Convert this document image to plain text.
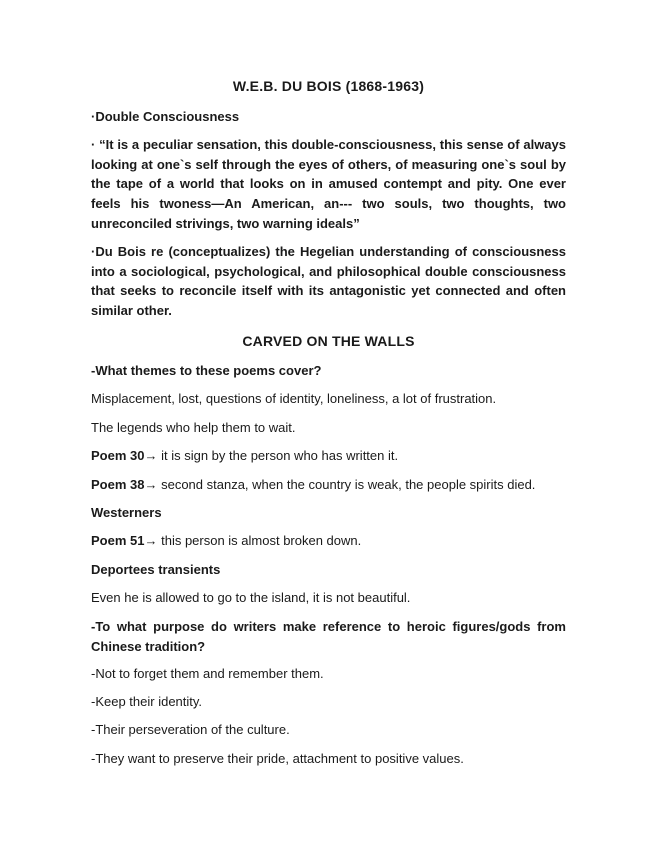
W.E.B. DU BOIS (1868-1963)
·Double Consciousness
· “It is a peculiar sensation, this double-consciousness, this sense of always looking at one`s self through the eyes of others, of measuring one`s soul by the tape of a world that looks on in amused contempt and pity. One ever feels his twoness—An American, an--- two souls, two thoughts, two unreconciled strivings, two warning ideals”
·Du Bois re (conceptualizes) the Hegelian understanding of consciousness into a sociological, psychological, and philosophical double consciousness that seeks to reconcile itself with its antagonistic yet connected and often similar other.
CARVED ON THE WALLS
-What themes to these poems cover?
Misplacement, lost, questions of identity, loneliness, a lot of frustration.
The legends who help them to wait.
Poem 30→ it is sign by the person who has written it.
Poem 38→ second stanza, when the country is weak, the people spirits died.
Westerners
Poem 51→ this person is almost broken down.
Deportees transients
Even he is allowed to go to the island, it is not beautiful.
-To what purpose do writers make reference to heroic figures/gods from Chinese tradition?
-Not to forget them and remember them.
-Keep their identity.
-Their perseveration of the culture.
-They want to preserve their pride, attachment to positive values.
